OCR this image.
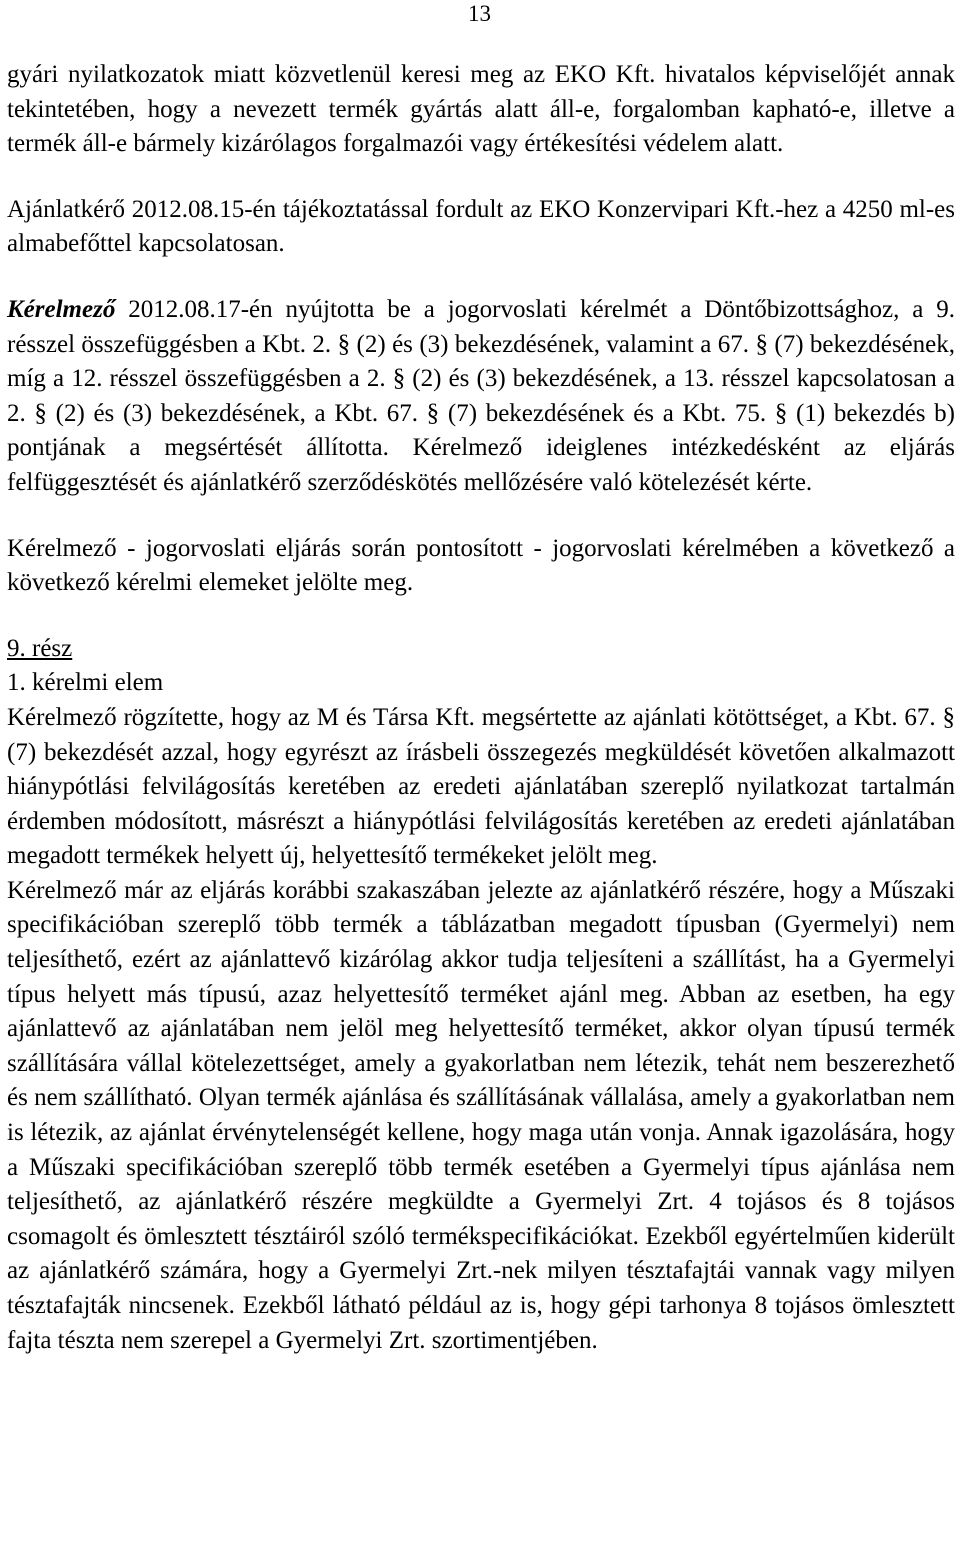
13

gyári nyilatkozatok miatt közvetlenül keresi meg az EKO Kft. hivatalos képviselőjét annak tekintetében, hogy a nevezett termék gyártás alatt áll-e, forgalomban kapható-e, illetve a termék áll-e bármely kizárólagos forgalmazói vagy értékesítési védelem alatt.

Ajánlatkérő 2012.08.15-én tájékoztatással fordult az EKO Konzervipari Kft.-hez a 4250 ml-es almabefőttel kapcsolatosan.

Kérelmező 2012.08.17-én nyújtotta be a jogorvoslati kérelmét a Döntőbizottsághoz, a 9. résszel összefüggésben a Kbt. 2. § (2) és (3) bekezdésének, valamint a 67. § (7) bekezdésének, míg a 12. résszel összefüggésben a 2. § (2) és (3) bekezdésének, a 13. résszel kapcsolatosan a 2. § (2) és (3) bekezdésének, a Kbt. 67. § (7) bekezdésének és a Kbt. 75. § (1) bekezdés b) pontjának a megsértését állította. Kérelmező ideiglenes intézkedésként az eljárás felfüggesztését és ajánlatkérő szerződéskötés mellőzésére való kötelezését kérte.

Kérelmező - jogorvoslati eljárás során pontosított - jogorvoslati kérelmében a következő a következő kérelmi elemeket jelölte meg.

9. rész

1. kérelmi elem

Kérelmező rögzítette, hogy az M és Társa Kft. megsértette az ajánlati kötöttséget, a Kbt. 67. § (7) bekezdését azzal, hogy egyrészt az írásbeli összegezés megküldését követően alkalmazott hiánypótlási felvilágosítás keretében az eredeti ajánlatában szereplő nyilatkozat tartalmán érdemben módosított, másrészt a hiánypótlási felvilágosítás keretében az eredeti ajánlatában megadott termékek helyett új, helyettesítő termékeket jelölt meg.

Kérelmező már az eljárás korábbi szakaszában jelezte az ajánlatkérő részére, hogy a Műszaki specifikációban szereplő több termék a táblázatban megadott típusban (Gyermelyi) nem teljesíthető, ezért az ajánlattevő kizárólag akkor tudja teljesíteni a szállítást, ha a Gyermelyi típus helyett más típusú, azaz helyettesítő terméket ajánl meg. Abban az esetben, ha egy ajánlattevő az ajánlatában nem jelöl meg helyettesítő terméket, akkor olyan típusú termék szállítására vállal kötelezettséget, amely a gyakorlatban nem létezik, tehát nem beszerezhető és nem szállítható. Olyan termék ajánlása és szállításának vállalása, amely a gyakorlatban nem is létezik, az ajánlat érvénytelenségét kellene, hogy maga után vonja. Annak igazolására, hogy a Műszaki specifikációban szereplő több termék esetében a Gyermelyi típus ajánlása nem teljesíthető, az ajánlatkérő részére megküldte a Gyermelyi Zrt. 4 tojásos és 8 tojásos csomagolt és ömlesztett tésztáiról szóló termékspecifikációkat. Ezekből egyértelműen kiderült az ajánlatkérő számára, hogy a Gyermelyi Zrt.-nek milyen tésztafajtái vannak vagy milyen tésztafajták nincsenek. Ezekből látható például az is, hogy gépi tarhonya 8 tojásos ömlesztett fajta tészta nem szerepel a Gyermelyi Zrt. szortimentjében.
